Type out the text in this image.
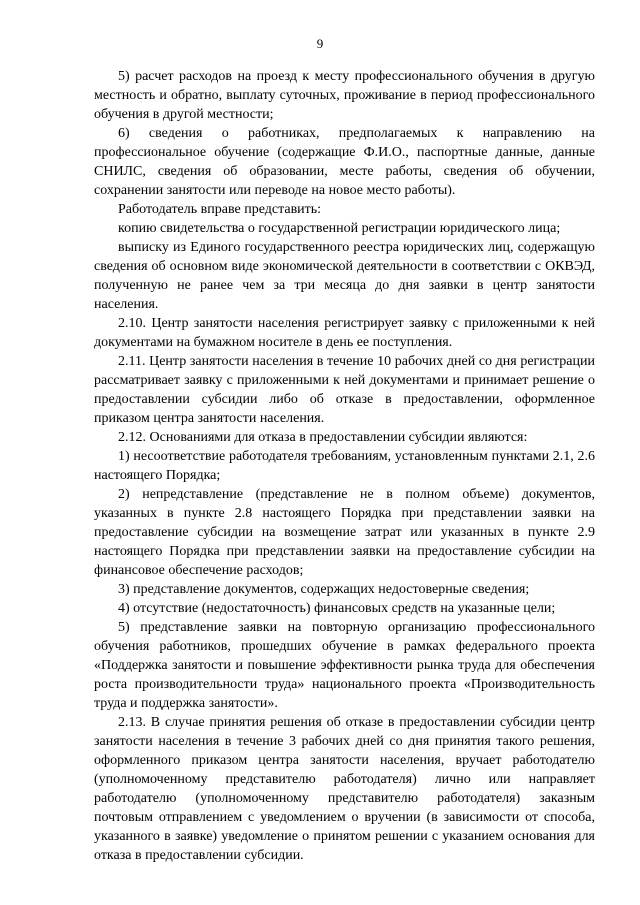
9

5) расчет расходов на проезд к месту профессионального обучения в другую местность и обратно, выплату суточных, проживание в период профессионального обучения в другой местности;

6) сведения о работниках, предполагаемых к направлению на профессиональное обучение (содержащие Ф.И.О., паспортные данные, данные СНИЛС, сведения об образовании, месте работы, сведения об обучении, сохранении занятости или переводе на новое место работы).

Работодатель вправе представить:

копию свидетельства о государственной регистрации юридического лица;

выписку из Единого государственного реестра юридических лиц, содержащую сведения об основном виде экономической деятельности в соответствии с ОКВЭД, полученную не ранее чем за три месяца до дня заявки в центр занятости населения.

2.10. Центр занятости населения регистрирует заявку с приложенными к ней документами на бумажном носителе в день ее поступления.

2.11. Центр занятости населения в течение 10 рабочих дней со дня регистрации рассматривает заявку с приложенными к ней документами и принимает решение о предоставлении субсидии либо об отказе в предоставлении, оформленное приказом центра занятости населения.

2.12. Основаниями для отказа в предоставлении субсидии являются:

1) несоответствие работодателя требованиям, установленным пунктами 2.1, 2.6 настоящего Порядка;

2) непредставление (представление не в полном объеме) документов, указанных в пункте 2.8 настоящего Порядка при представлении заявки на предоставление субсидии на возмещение затрат или указанных в пункте 2.9 настоящего Порядка при представлении заявки на предоставление субсидии на финансовое обеспечение расходов;

3) представление документов, содержащих недостоверные сведения;

4) отсутствие (недостаточность) финансовых средств на указанные цели;

5) представление заявки на повторную организацию профессионального обучения работников, прошедших обучение в рамках федерального проекта «Поддержка занятости и повышение эффективности рынка труда для обеспечения роста производительности труда» национального проекта «Производительность труда и поддержка занятости».

2.13. В случае принятия решения об отказе в предоставлении субсидии центр занятости населения в течение 3 рабочих дней со дня принятия такого решения, оформленного приказом центра занятости населения, вручает работодателю (уполномоченному представителю работодателя) лично или направляет работодателю (уполномоченному представителю работодателя) заказным почтовым отправлением с уведомлением о вручении (в зависимости от способа, указанного в заявке) уведомление о принятом решении с указанием основания для отказа в предоставлении субсидии.
